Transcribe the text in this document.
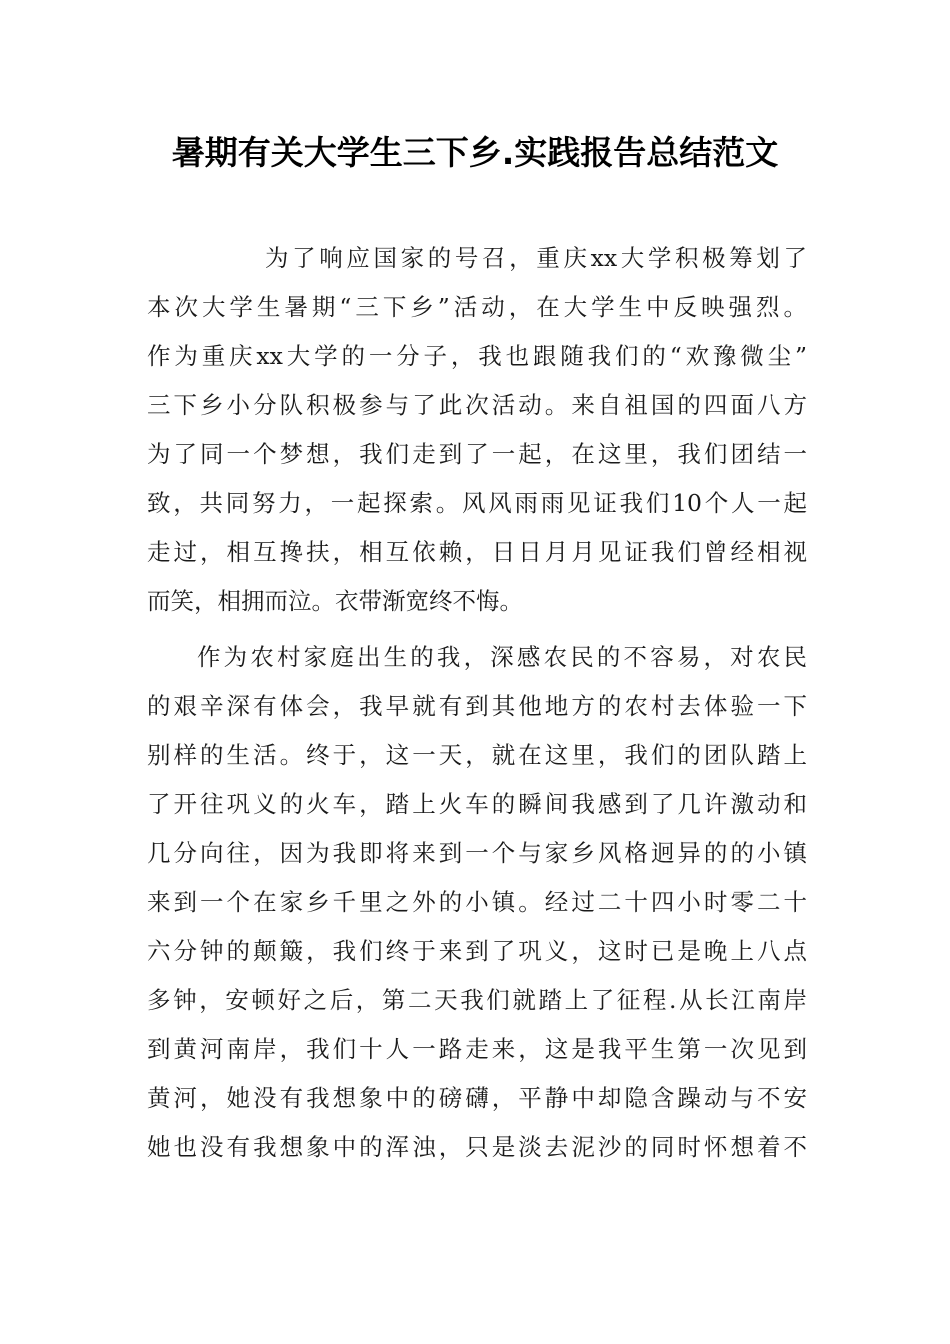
暑期有关大学生三下乡.实践报告总结范文
为了响应国家的号召，重庆xx大学积极筹划了
本次大学生暑期“三下乡”活动，在大学生中反映强烈。
作为重庆xx大学的一分子，我也跟随我们的“欢豫微尘”
三下乡小分队积极参与了此次活动。来自祖国的四面八方
为了同一个梦想，我们走到了一起，在这里，我们团结一
致，共同努力，一起探索。风风雨雨见证我们10个人一起
走过，相互搀扶，相互依赖，日日月月见证我们曾经相视
而笑，相拥而泣。衣带渐宽终不悔。
作为农村家庭出生的我，深感农民的不容易，对农民
的艰辛深有体会，我早就有到其他地方的农村去体验一下
别样的生活。终于，这一天，就在这里，我们的团队踏上
了开往巩义的火车，踏上火车的瞬间我感到了几许激动和
几分向往，因为我即将来到一个与家乡风格迥异的的小镇
来到一个在家乡千里之外的小镇。经过二十四小时零二十
六分钟的颠簸，我们终于来到了巩义，这时已是晚上八点
多钟，安顿好之后，第二天我们就踏上了征程.从长江南岸
到黄河南岸，我们十人一路走来，这是我平生第一次见到
黄河，她没有我想象中的磅礴，平静中却隐含躁动与不安
她也没有我想象中的浑浊，只是淡去泥沙的同时怀想着不
